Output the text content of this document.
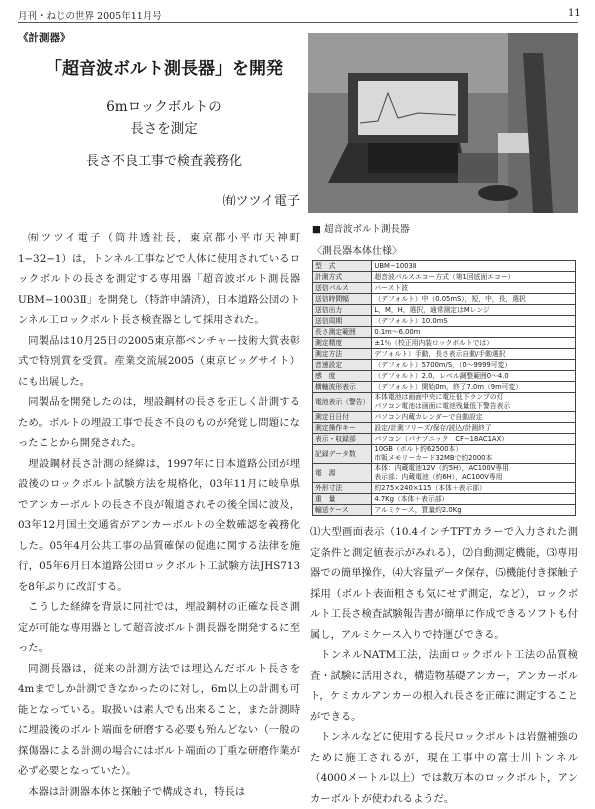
月刊・ねじの世界 2005年11月号	11
《計測器》
「超音波ボルト測長器」を開発
6mロックボルトの
長さを測定
長さ不良工事で検査義務化
㈲ツツイ電子

㈲ツツイ電子（筒井透社長，東京都小平市天神町1−32−1）は，トンネル工事などで人体に使用されているロックボルトの長さを測定する専用器「超音波ボルト測長器UBM−1003Ⅱ」を開発し（特許申請済），日本道路公団のトンネル工ロックボルト長さ検査器として採用された。

同製品は10月25日の2005東京都ベンチャー技術大賞表彰式で特別賞を受賞。産業交流展2005（東京ビッグサイト）にも出展した。

同製品を開発したのは，埋設鋼材の長さを正しく計測するため。ボルトの埋設工事で長さ不良のものが発覚し問題になったことから開発された。

埋設鋼材長さ計測の経緯は，1997年に日本道路公団が埋設後のロックボルト試験方法を規格化，03年11月に岐阜県でアンカーボルトの長さ不良が報道されその後全国に波及，03年12月国土交通省がアンカーボルトの全数確認を義務化した。05年4月公共工事の品質確保の促進に関する法律を施行，05年6月日本道路公団ロックボルト工試験方法JHS713を8年ぶりに改訂する。

こうした経緯を背景に同社では，埋設鋼材の正確な長さ測定が可能な専用器として超音波ボルト測長器を開発するに至った。

同測長器は，従来の計測方法では埋込んだボルト長さを4mまでしか計測できなかったのに対し，6m以上の計測も可能となっている。取扱いは素人でも出来ること，また計測時に埋設後のボルト端面を研磨する必要も殆んどない（一般の探傷器による計測の場合にはボルト端面の丁重な研磨作業が必ず必要となっていた）。

本器は計測器本体と探触子で構成され，特長は

■ 超音波ボルト測長器
〈測長器本体仕様〉
型　式	UBM−1003Ⅱ
計測方式	超音波パルスエコー方式（第1回底面エコー）
送信パルス	バースト波
送信時間幅	（デフォルト）中（0.05mS），短，中，長，選択
送信出力	L，M，H，選択，通常測定はMレンジ
送信周期	（デフォルト）10.0mS
長さ測定範囲	0.1m〜6.00m
測定精度	±1％（校正用内装ロックボルトでは）
測定方法	デフォルト）手動，長さ表示自動/手動選択
音速設定	（デフォルト）5700m/S，（0〜9999可変）
感　度	（デフォルト）2.0，レベル調整範囲0〜4.0
横軸波形表示	（デフォルト）開始0m，終了7.0m（9m可変）
電池表示（警告）	本体電池は画面中央に電圧低下ランプの灯
パソコン電池は画面に電池残量低下警告表示
測定日日付	パソコン内蔵カレンダーで自動設定
測定操作キー	設定/計測フリーズ/保存/読込/計測終了
表示・収録部	パソコン（パナソニック　CF−18AC1AX）
記録データ数	10GB（ボルト約62500本）
市販メモリーカード32MBで約2000本
電　源	本体：内蔵電池12V（約5H），AC100V専用
表示部：内蔵電池（約6H），AC100V専用
外形寸法	約275×240×115（本体＋表示部）
重　量	4.7Kg（本体＋表示部）
輸送ケース	アルミケース，質量約2.0Kg

⑴大型画面表示（10.4インチTFTカラーで入力された測定条件と測定値表示がみれる），⑵自動測定機能，⑶専用器での簡単操作，⑷大容量データ保存，⑸機能付き探触子採用（ボルト表面粗さも気にせず測定，など），ロックボルト工長さ検査試験報告書が簡単に作成できるソフトも付属し，アルミケース入りで持運びできる。

トンネルNATM工法，法面ロックボルト工法の品質検査・試験に活用され，構造物基礎アンカー，アンカーボルト，ケミカルアンカーの根入れ長さを正確に測定することができる。

トンネルなどに使用する長尺ロックボルトは岩盤補強のために施工されるが，現在工事中の富士川トンネル（4000メートル以上）では数万本のロックボルト，アンカーボルトが使われるようだ。
